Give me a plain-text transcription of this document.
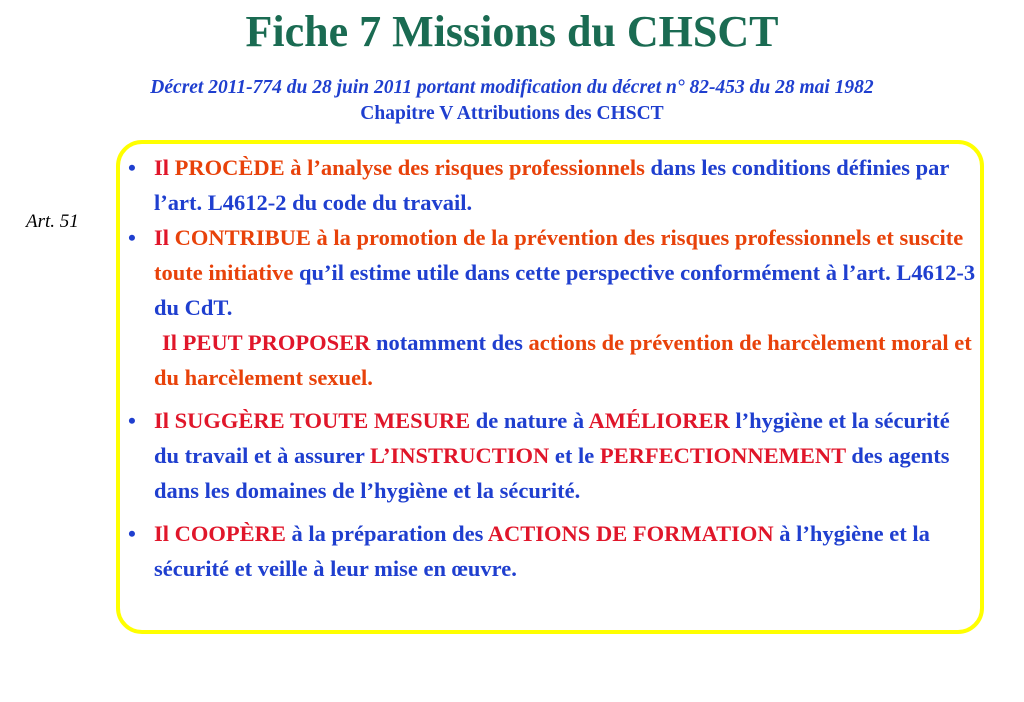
Fiche 7 Missions du CHSCT
Décret 2011-774 du 28 juin 2011 portant modification du décret n° 82-453 du 28 mai 1982
Chapitre V Attributions des CHSCT
Art. 51
• Il PROCÈDE à l’analyse des risques professionnels dans les conditions définies par l’art. L4612-2 du code du travail.
• Il CONTRIBUE à la promotion de la prévention des risques professionnels et suscite toute initiative qu’il estime utile dans cette perspective conformément à l’art. L4612-3 du CdT.
Il PEUT PROPOSER notamment des actions de prévention de harcèlement moral et du harcèlement sexuel.
• Il SUGGÈRE TOUTE MESURE de nature à AMÉLIORER l’hygiène et la sécurité du travail et à assurer L’INSTRUCTION et le PERFECTIONNEMENT des agents dans les domaines de l’hygiène et la sécurité.
• Il COOPÈRE à la préparation des ACTIONS DE FORMATION à l’hygiène et la sécurité et veille à leur mise en œuvre.
